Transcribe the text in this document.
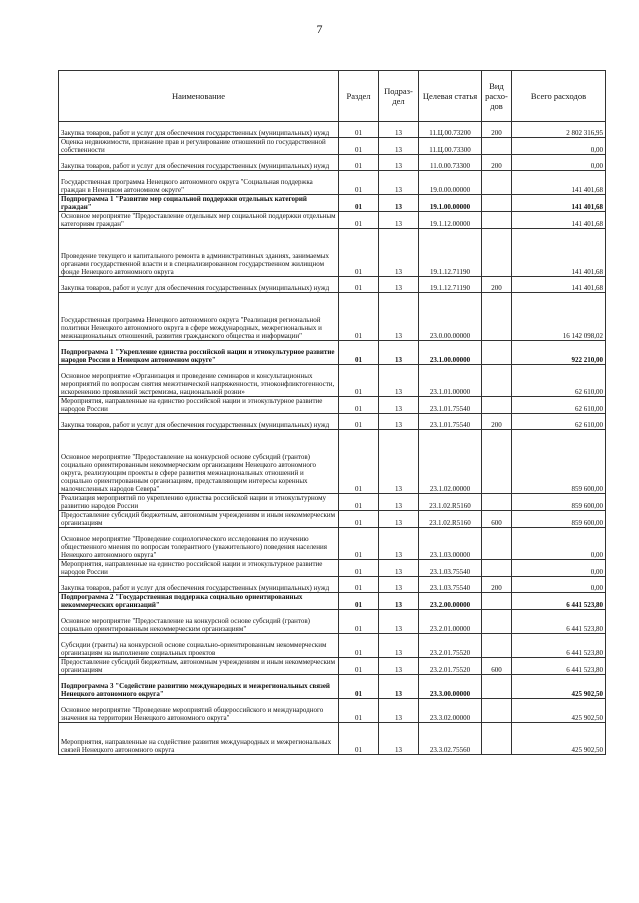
7
Наименование	Раздел	Подраз-дел	Целевая статья	Вид расхо-дов	Всего расходов
Закупка товаров, работ и услуг для обеспечения государственных (муниципальных) нужд	01	13	11.Ц.00.73200	200	2 802 316,95
Оценка недвижимости, признание прав и регулирование отношений по государственной собственности	01	13	11.Ц.00.73300		0,00
Закупка товаров, работ и услуг для обеспечения государственных (муниципальных) нужд	01	13	11.0.00.73300	200	0,00
Государственная программа Ненецкого автономного округа "Социальная поддержка граждан в Ненецком автономном округе"	01	13	19.0.00.00000		141 401,68
Подпрограмма 1 "Развитие мер социальной поддержки отдельных категорий граждан"	01	13	19.1.00.00000		141 401,68
Основное мероприятие "Предоставление отдельных мер социальной поддержки отдельным категориям граждан"	01	13	19.1.12.00000		141 401,68
Проведение текущего и капитального ремонта в административных зданиях, занимаемых органами государственной власти и в специализированном государственном жилищном фонде Ненецкого автономного округа	01	13	19.1.12.71190		141 401,68
Закупка товаров, работ и услуг для обеспечения государственных (муниципальных) нужд	01	13	19.1.12.71190	200	141 401,68
Государственная программа Ненецкого автономного округа "Реализация региональной политики Ненецкого автономного округа в сфере международных, межрегиональных и межнациональных отношений, развития гражданского общества и информации"	01	13	23.0.00.00000		16 142 098,02
Подпрограмма 1 "Укрепление единства российской нации и этнокультурное развитие народов России в Ненецком автономном округе"	01	13	23.1.00.00000		922 210,00
Основное мероприятие «Организация и проведение семинаров и консультационных мероприятий по вопросам снятия межэтнической напряженности, этноконфликтогенности, искоренению проявлений экстремизма, национальной розни»	01	13	23.1.01.00000		62 610,00
Мероприятия, направленные на единство российской нации и этнокультурное развитие народов России	01	13	23.1.01.75540		62 610,00
Закупка товаров, работ и услуг для обеспечения государственных (муниципальных) нужд	01	13	23.1.01.75540	200	62 610,00
Основное мероприятие "Предоставление на конкурсной основе субсидий (грантов) социально ориентированным некоммерческим организациям Ненецкого автономного округа, реализующим проекты в сфере развития межнациональных отношений и социально ориентированным организациям, представляющим интересы коренных малочисленных народов Севера"	01	13	23.1.02.00000		859 600,00
Реализация мероприятий по укреплению единства российской нации и этнокультурному развитию народов России	01	13	23.1.02.R5160		859 600,00
Предоставление субсидий бюджетным, автономным учреждениям и иным некоммерческим организациям	01	13	23.1.02.R5160	600	859 600,00
Основное мероприятие "Проведение социологического исследования по изучению общественного мнения по вопросам толерантного (уважительного) поведения населения Ненецкого автономного округа"	01	13	23.1.03.00000		0,00
Мероприятия, направленные на единство российской нации и этнокультурное развитие народов России	01	13	23.1.03.75540		0,00
Закупка товаров, работ и услуг для обеспечения государственных (муниципальных) нужд	01	13	23.1.03.75540	200	0,00
Подпрограмма 2 "Государственная поддержка социально ориентированных некоммерческих организаций"	01	13	23.2.00.00000		6 441 523,80
Основное мероприятие "Предоставление на конкурсной основе субсидий (грантов) социально ориентированным некоммерческим организациям"	01	13	23.2.01.00000		6 441 523,80
Субсидии (гранты) на конкурсной основе социально-ориентированным некоммерческим организациям на выполнение социальных проектов	01	13	23.2.01.75520		6 441 523,80
Предоставление субсидий бюджетным, автономным учреждениям и иным некоммерческим организациям	01	13	23.2.01.75520	600	6 441 523,80
Подпрограмма 3 "Содействие развитию международных и межрегиональных связей Ненецкого автономного округа"	01	13	23.3.00.00000		425 902,50
Основное мероприятие "Проведение мероприятий общероссийского и международного значения на территории Ненецкого автономного округа"	01	13	23.3.02.00000		425 902,50
Мероприятия, направленные на содействие развития международных и межрегиональных связей Ненецкого автономного округа	01	13	23.3.02.75560		425 902,50
